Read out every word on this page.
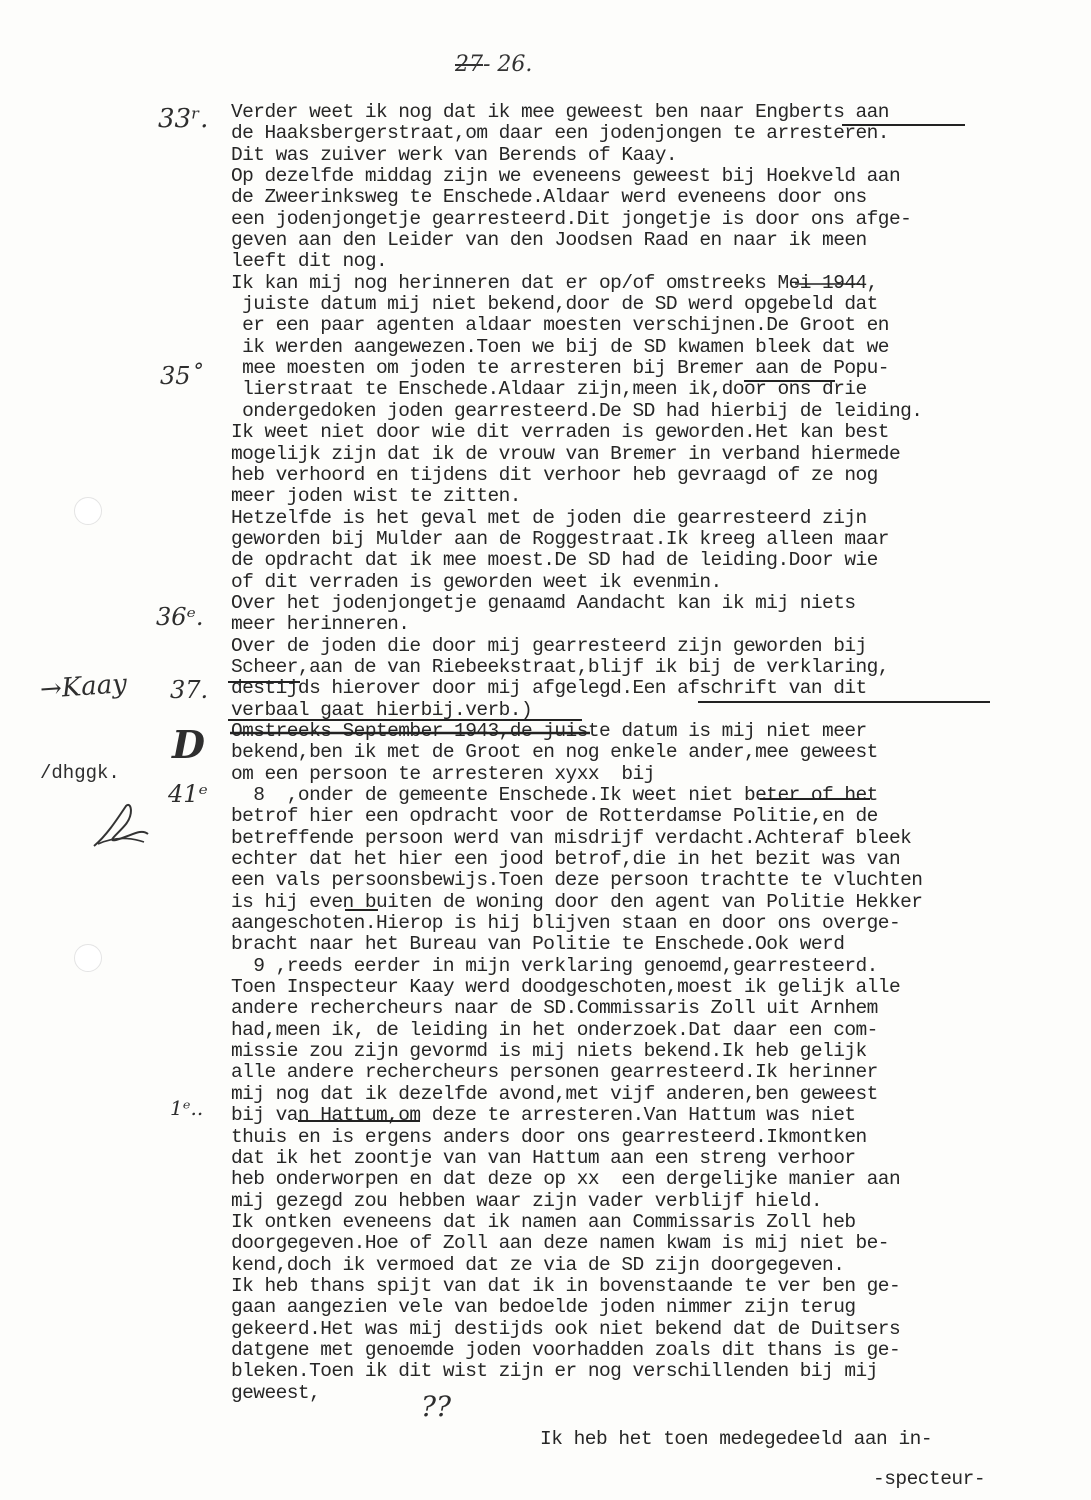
27- 26.
33ʳ.
35˚
36ᵉ.
→Kaay 37.
D
/dhggk.
41ᵉ
1ᵉ..
Verder weet ik nog dat ik mee geweest ben naar Engberts aan
de Haaksbergerstraat,om daar een jodenjongen te arresteren.
Dit was zuiver werk van Berends of Kaay.
Op dezelfde middag zijn we eveneens geweest bij Hoekveld aan
de Zweerinksweg te Enschede.Aldaar werd eveneens door ons
een jodenjongetje gearresteerd.Dit jongetje is door ons afge-
geven aan den Leider van den Joodsen Raad en naar ik meen
leeft dit nog.
Ik kan mij nog herinneren dat er op/of omstreeks Mei 1944,
juiste datum mij niet bekend,door de SD werd opgebeld dat
er een paar agenten aldaar moesten verschijnen.De Groot en
ik werden aangewezen.Toen we bij de SD kwamen bleek dat we
mee moesten om joden te arresteren bij Bremer aan de Popu-
lierstraat te Enschede.Aldaar zijn,meen ik,door ons drie
ondergedoken joden gearresteerd.De SD had hierbij de leiding.
Ik weet niet door wie dit verraden is geworden.Het kan best
mogelijk zijn dat ik de vrouw van Bremer in verband hiermede
heb verhoord en tijdens dit verhoor heb gevraagd of ze nog
meer joden wist te zitten.
Hetzelfde is het geval met de joden die gearresteerd zijn
geworden bij Mulder aan de Roggestraat.Ik kreeg alleen maar
de opdracht dat ik mee moest.De SD had de leiding.Door wie
of dit verraden is geworden weet ik evenmin.
Over het jodenjongetje genaamd Aandacht kan ik mij niets
meer herinneren.
Over de joden die door mij gearresteerd zijn geworden bij
Scheer,aan de van Riebeekstraat,blijf ik bij de verklaring,
destijds hierover door mij afgelegd.Een afschrift van dit
verbaal gaat hierbij.verb.)
Omstreeks September 1943,de juiste datum is mij niet meer
bekend,ben ik met de Groot en nog enkele ander,mee geweest
om een persoon te arresteren xyxx  bij
8  ,onder de gemeente Enschede.Ik weet niet beter of het
betrof hier een opdracht voor de Rotterdamse Politie,en de
betreffende persoon werd van misdrijf verdacht.Achteraf bleek
echter dat het hier een jood betrof,die in het bezit was van
een vals persoonsbewijs.Toen deze persoon trachtte te vluchten
is hij even buiten de woning door den agent van Politie Hekker
aangeschoten.Hierop is hij blijven staan en door ons overge-
bracht naar het Bureau van Politie te Enschede.Ook werd
9 ,reeds eerder in mijn verklaring genoemd,gearresteerd.
Toen Inspecteur Kaay werd doodgeschoten,moest ik gelijk alle
andere rechercheurs naar de SD.Commissaris Zoll uit Arnhem
had,meen ik, de leiding in het onderzoek.Dat daar een com-
missie zou zijn gevormd is mij niets bekend.Ik heb gelijk
alle andere rechercheurs personen gearresteerd.Ik herinner
mij nog dat ik dezelfde avond,met vijf anderen,ben geweest
bij van Hattum,om deze te arresteren.Van Hattum was niet
thuis en is ergens anders door ons gearresteerd.Ikmontken
dat ik het zoontje van van Hattum aan een streng verhoor
heb onderworpen en dat deze op xx  een dergelijke manier aan
mij gezegd zou hebben waar zijn vader verblijf hield.
Ik ontken eveneens dat ik namen aan Commissaris Zoll heb
doorgegeven.Hoe of Zoll aan deze namen kwam is mij niet be-
kend,doch ik vermoed dat ze via de SD zijn doorgegeven.
Ik heb thans spijt van dat ik in bovenstaande te ver ben ge-
gaan aangezien vele van bedoelde joden nimmer zijn terug
gekeerd.Het was mij destijds ook niet bekend dat de Duitsers
datgene met genoemde joden voorhadden zoals dit thans is ge-
bleken.Toen ik dit wist zijn er nog verschillenden bij mij
geweest,	??
Ik heb het toen medegedeeld aan in-
-specteur-
